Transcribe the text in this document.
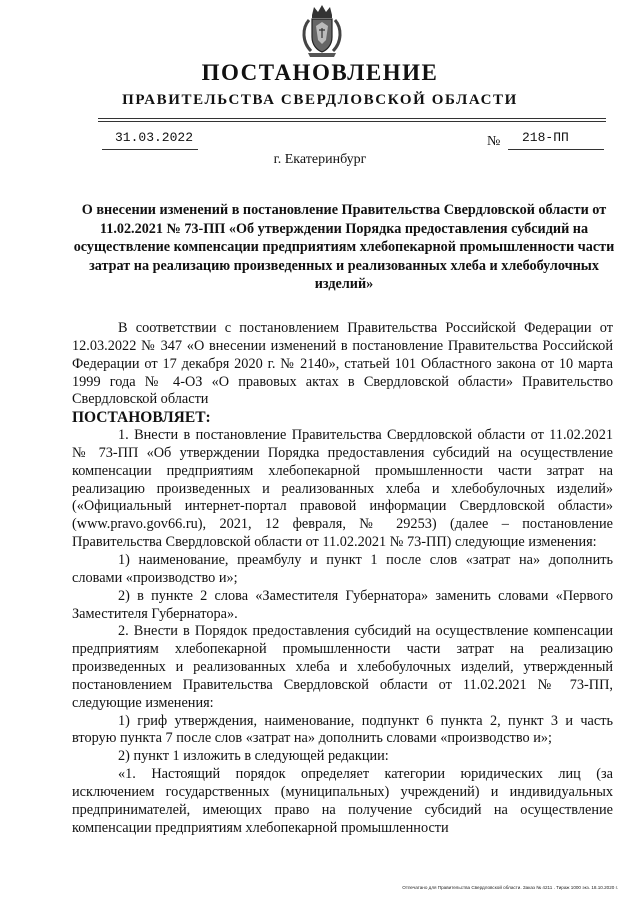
ПОСТАНОВЛЕНИЕ
ПРАВИТЕЛЬСТВА СВЕРДЛОВСКОЙ ОБЛАСТИ
31.03.2022	№ 218-ПП
г. Екатеринбург
О внесении изменений в постановление Правительства Свердловской области от 11.02.2021 № 73-ПП «Об утверждении Порядка предоставления субсидий на осуществление компенсации предприятиям хлебопекарной промышленности части затрат на реализацию произведенных и реализованных хлеба и хлебобулочных изделий»

В соответствии с постановлением Правительства Российской Федерации от 12.03.2022 № 347 «О внесении изменений в постановление Правительства Российской Федерации от 17 декабря 2020 г. № 2140», статьей 101 Областного закона от 10 марта 1999 года № 4-ОЗ «О правовых актах в Свердловской области» Правительство Свердловской области

ПОСТАНОВЛЯЕТ:

1. Внести в постановление Правительства Свердловской области от 11.02.2021 № 73-ПП «Об утверждении Порядка предоставления субсидий на осуществление компенсации предприятиям хлебопекарной промышленности части затрат на реализацию произведенных и реализованных хлеба и хлебобулочных изделий» («Официальный интернет-портал правовой информации Свердловской области» (www.pravo.gov66.ru), 2021, 12 февраля, № 29253) (далее – постановление Правительства Свердловской области от 11.02.2021 № 73-ПП) следующие изменения:

1) наименование, преамбулу и пункт 1 после слов «затрат на» дополнить словами «производство и»;

2) в пункте 2 слова «Заместителя Губернатора» заменить словами «Первого Заместителя Губернатора».

2. Внести в Порядок предоставления субсидий на осуществление компенсации предприятиям хлебопекарной промышленности части затрат на реализацию произведенных и реализованных хлеба и хлебобулочных изделий, утвержденный постановлением Правительства Свердловской области от 11.02.2021 № 73-ПП, следующие изменения:

1) гриф утверждения, наименование, подпункт 6 пункта 2, пункт 3 и часть вторую пункта 7 после слов «затрат на» дополнить словами «производство и»;

2) пункт 1 изложить в следующей редакции:

«1. Настоящий порядок определяет категории юридических лиц (за исключением государственных (муниципальных) учреждений) и индивидуальных предпринимателей, имеющих право на получение субсидий на осуществление компенсации предприятиям хлебопекарной промышленности

Отпечатано для Правительства Свердловской области. Заказ № 4211 . Тираж 1000 экз. 18.10.2020 г.
